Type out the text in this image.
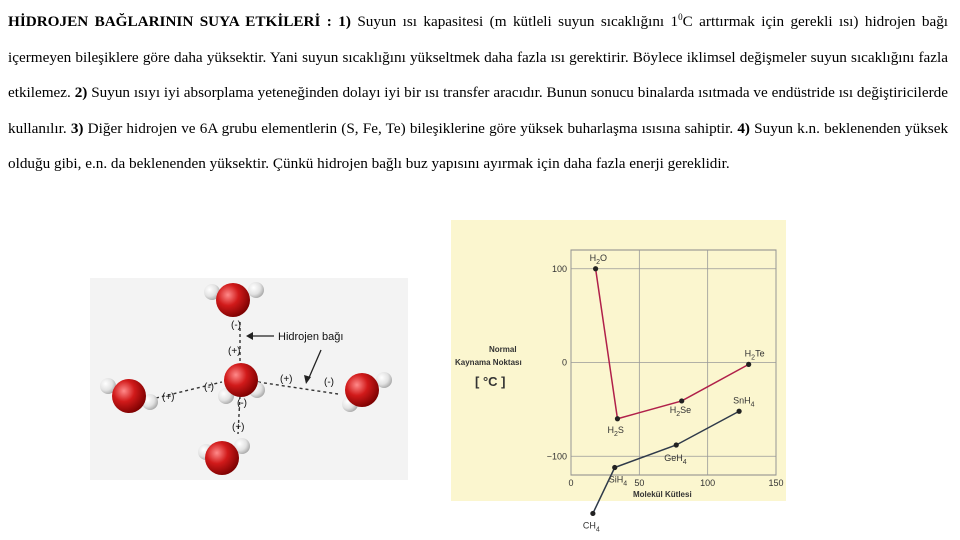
HİDROJEN BAĞLARININ SUYA ETKİLERİ : 1) Suyun ısı kapasitesi (m kütleli suyun sıcaklığını $1^0C$ arttırmak için gerekli ısı) hidrojen bağı içermeyen bileşiklere göre daha yüksektir. Yani suyun sıcaklığını yükseltmek daha fazla ısı gerektirir. Böylece iklimsel değişmeler suyun sıcaklığını fazla etkilemez. 2) Suyun ısıyı iyi absorplama yeteneğinden dolayı iyi bir ısı transfer aracıdır. Bunun sonucu binalarda ısıtmada ve endüstride ısı değiştiricilerde kullanılır. 3) Diğer hidrojen ve 6A grubu elementlerin (S, Fe, Te) bileşiklerine göre yüksek buharlaşma ısısına sahiptir. 4) Suyun k.n. beklenenden yüksek olduğu gibi, e.n. da beklenenden yüksektir. Çünkü hidrojen bağlı buz yapısını ayırmak için daha fazla enerji gereklidir.
Hidrojen bağı
(-)
(+)
(+)
(-)
(+)	(-)
(-)
(+)
Normal
Kaynama Noktası
[ °C ]
Molekül Kütlesi
0	50	100	150
100
0
−100
$H_2O$
$H_2S$
$H_2Se$
$H_2Te$
$CH_4$
SiH$_4$
GeH$_4$
SnH$_4$
